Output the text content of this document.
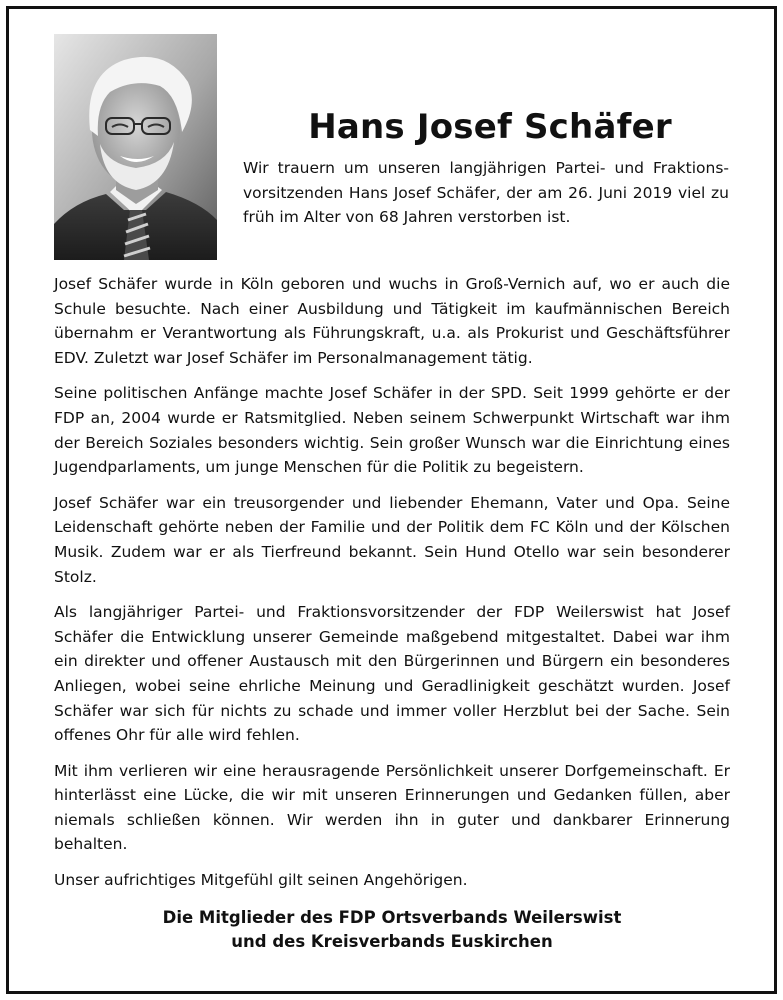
Hans Josef Schäfer

Wir trauern um unseren langjährigen Partei- und Fraktionsvorsitzenden Hans Josef Schäfer, der am 26. Juni 2019 viel zu früh im Alter von 68 Jahren verstorben ist.

Josef Schäfer wurde in Köln geboren und wuchs in Groß-Vernich auf, wo er auch die Schule besuchte. Nach einer Ausbildung und Tätigkeit im kaufmännischen Bereich übernahm er Verantwortung als Führungskraft, u.a. als Prokurist und Geschäftsführer EDV. Zuletzt war Josef Schäfer im Personalmanagement tätig.

Seine politischen Anfänge machte Josef Schäfer in der SPD. Seit 1999 gehörte er der FDP an, 2004 wurde er Ratsmitglied. Neben seinem Schwerpunkt Wirtschaft war ihm der Bereich Soziales besonders wichtig. Sein großer Wunsch war die Einrichtung eines Jugendparlaments, um junge Menschen für die Politik zu begeistern.

Josef Schäfer war ein treusorgender und liebender Ehemann, Vater und Opa. Seine Leidenschaft gehörte neben der Familie und der Politik dem FC Köln und der Kölschen Musik. Zudem war er als Tierfreund bekannt. Sein Hund Otello war sein besonderer Stolz.

Als langjähriger Partei- und Fraktionsvorsitzender der FDP Weilerswist hat Josef Schäfer die Entwicklung unserer Gemeinde maßgebend mitgestaltet. Dabei war ihm ein direkter und offener Austausch mit den Bürgerinnen und Bürgern ein besonderes Anliegen, wobei seine ehrliche Meinung und Geradlinigkeit geschätzt wurden. Josef Schäfer war sich für nichts zu schade und immer voller Herzblut bei der Sache. Sein offenes Ohr für alle wird fehlen.

Mit ihm verlieren wir eine herausragende Persönlichkeit unserer Dorfgemeinschaft. Er hinterlässt eine Lücke, die wir mit unseren Erinnerungen und Gedanken füllen, aber niemals schließen können. Wir werden ihn in guter und dankbarer Erinnerung behalten.

Unser aufrichtiges Mitgefühl gilt seinen Angehörigen.

Die Mitglieder des FDP Ortsverbands Weilerswist
und des Kreisverbands Euskirchen
